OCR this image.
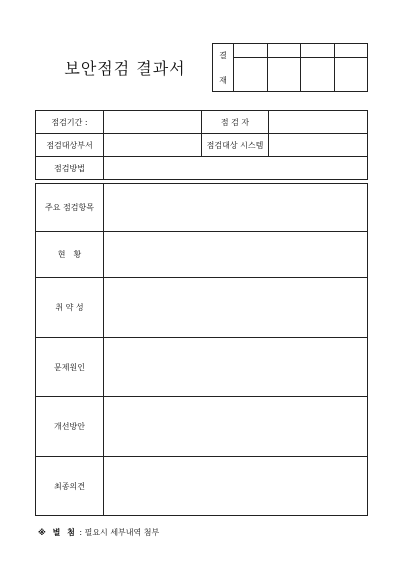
보안점검 결과서
결
재				

점검기간 :		점 검 자	
점검대상부서		점검대상 시스템	
점검방법			
주요 점검항목	
현　황	
취 약 성	
문제원인	
개선방안	
최종의견	
※ 별 첨 : 필요시 세부내역 첨부
